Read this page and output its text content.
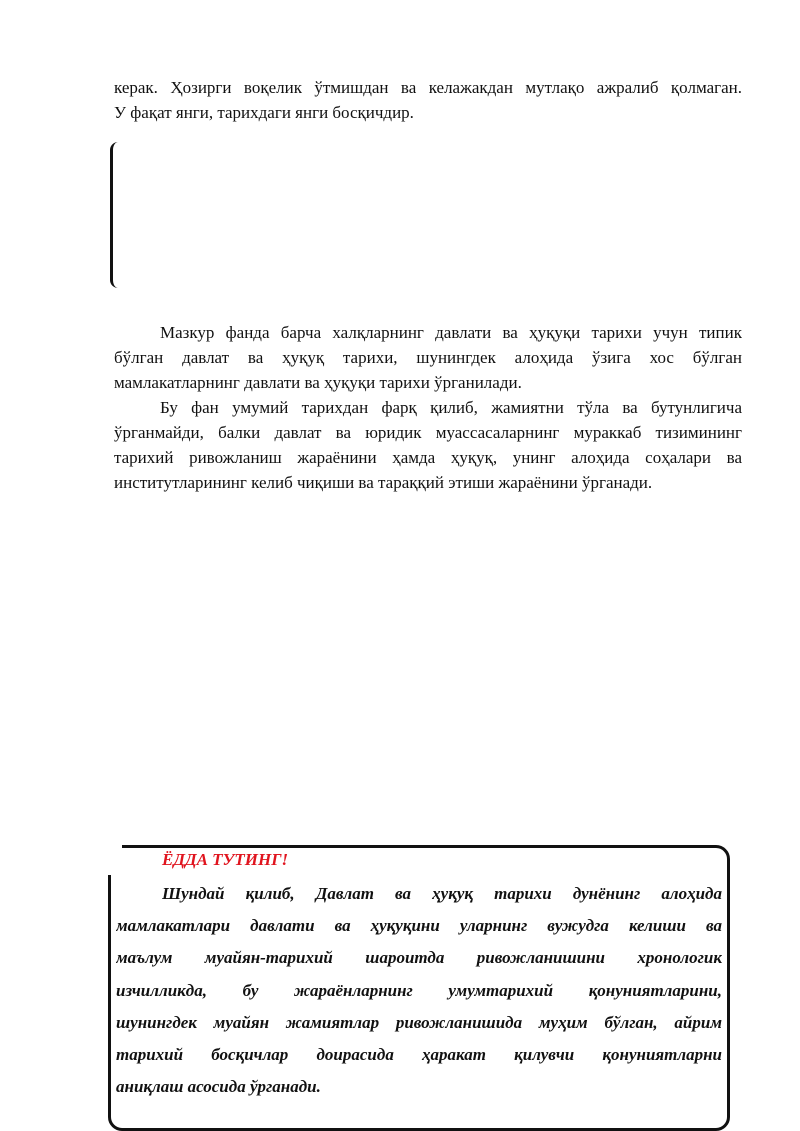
керак. Ҳозирги воқелик ўтмишдан ва келажакдан мутлақо ажралиб қолмаган.
У фақат янги, тарихдаги янги босқичдир.
Мазкур фанда барча халқларнинг давлати ва ҳуқуқи тарихи учун типик
бўлган давлат ва ҳуқуқ тарихи, шунингдек алоҳида ўзига хос бўлган
мамлакатларнинг давлати ва ҳуқуқи тарихи ўрганилади.
Бу фан умумий тарихдан фарқ қилиб, жамиятни тўла ва бутунлигича
ўрганмайди, балки давлат ва юридик муассасаларнинг мураккаб тизимининг
тарихий ривожланиш жараёнини ҳамда ҳуқуқ, унинг алоҳида соҳалари ва
институтларининг келиб чиқиши ва тараққий этиши жараёнини ўрганади.
ЁДДА ТУТИНГ!
Шундай қилиб, Давлат ва ҳуқуқ тарихи дунёнинг алоҳида
мамлакатлари давлати ва ҳуқуқини уларнинг вужудга келиши ва
маълум муайян-тарихий шароитда ривожланишини хронологик
изчилликда, бу жараёнларнинг умумтарихий қонуниятларини,
шунингдек муайян жамиятлар ривожланишида муҳим бўлган, айрим
тарихий босқичлар доирасида ҳаракат қилувчи қонуниятларни
аниқлаш асосида ўрганади.
